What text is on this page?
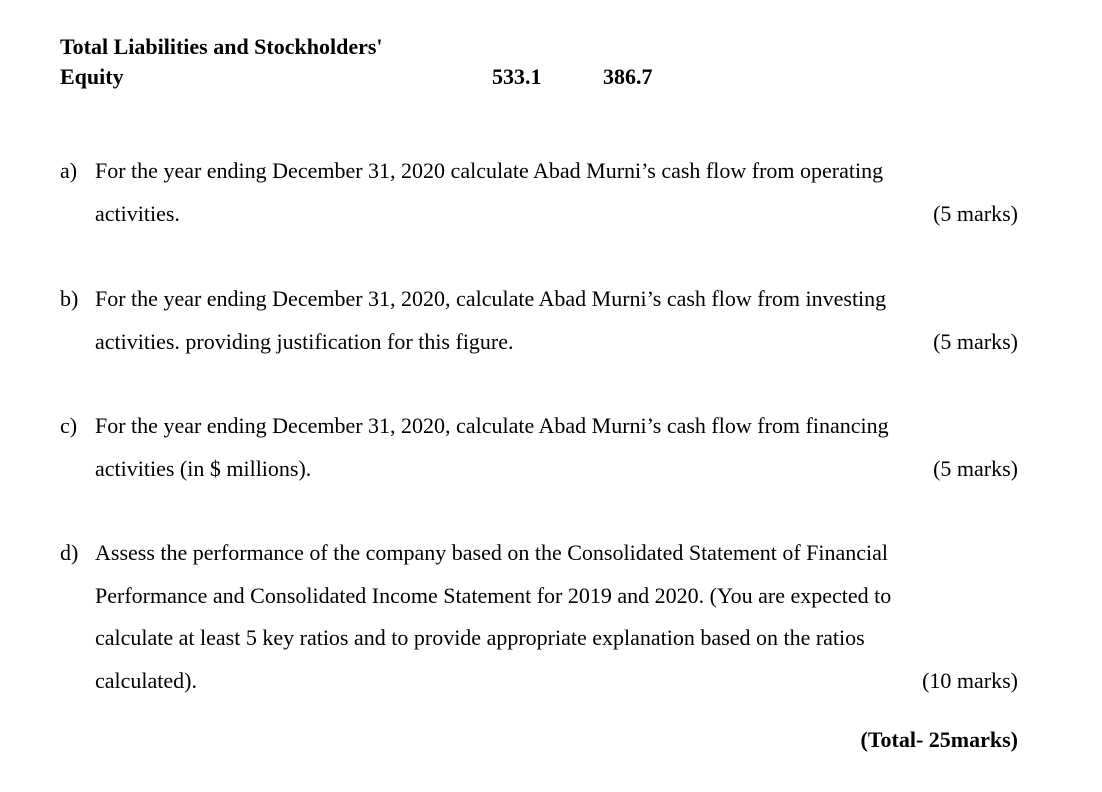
Total Liabilities and Stockholders'
Equity	533.1	386.7
a) For the year ending December 31, 2020 calculate Abad Murni’s cash flow from operating
activities.	(5 marks)
b) For the year ending December 31, 2020, calculate Abad Murni’s cash flow from investing
activities. providing justification for this figure.	(5 marks)
c) For the year ending December 31, 2020, calculate Abad Murni’s cash flow from financing
activities (in $ millions).	(5 marks)
d) Assess the performance of the company based on the Consolidated Statement of Financial
Performance and Consolidated Income Statement for 2019 and 2020. (You are expected to
calculate at least 5 key ratios and to provide appropriate explanation based on the ratios
calculated).	(10 marks)
(Total- 25marks)
